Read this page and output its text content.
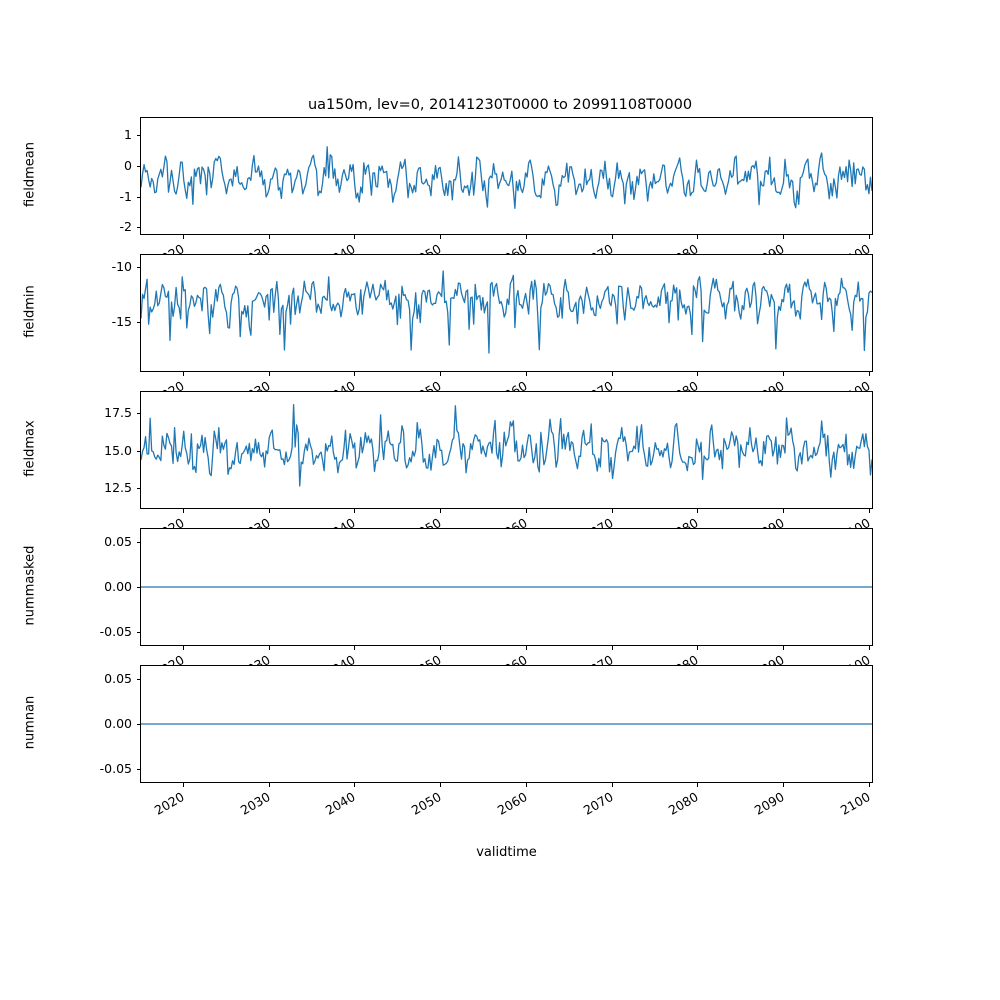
ua150m, lev=0, 20141230T0000 to 20991108T0000
-2
-1
0
1
fieldmean
-15
-10
fieldmin
12.5
15.0
17.5
fieldmax
-0.05
0.00
0.05
nummasked
-0.05
0.00
0.05
numnan
2020	2030	2040	2050	2060	2070	2080	2090	2100
validtime
